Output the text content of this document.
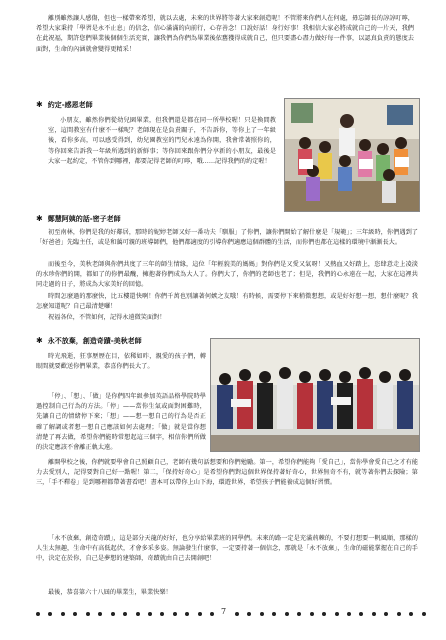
離別雖然讓人感傷，但也一樣帶來希望，就以去處，未來的世界將等著大家來創造呢！不管將來你們人在何處，毋忘師長的諄諄叮嚀，希望大家秉持「學習是永不止息」的信念，信心滿滿的向前行，心存善念！口說好話！身行好事！我相信大家必將成就自己的一片天，我們在此祝福，期許您們畢業後個個生活充實，讓我們為你們為畢業後依舊獲得成就自己，但只要盡心盡力做好每一件事，以認真負責的態度去面對，生命的內涵就會變得更精采！

✱ 約定-感恩老師

小朋友，雖然你們從幼兒園畢業，但我們還是都在同一所學校喔！只是換間教室，這間教室有什麼不一樣呢？老師現在是負責關子，不告訴你，等你上了一年級後，看你多高，可以感受得到，幼兒園教室的門兒永遠為你開，我會常著照你的，等你回來告訴我一年級所遇到的新鮮事；等你回來跟你們分享新的小朋友，最後是大家一起約定，不管你到哪裡，都要記得老師的叮嚀，哦……記得我們的約定喔！

✱ 鄭慧阿姨的話-密子老師

初至南林，你們是我的好鄰居，那時的妮婷老師又好一番功夫「馴服」了你們，讓你們開始了解什麼是「規範」；三年級時，你們遇到了「好爸爸」先臨主任，或是和藹可親的班導師們，他們都適度的引導你們適應這個群體的生活，而你們也都在這樣的環境中漸漸長大。

而後至今，美秋老師與你們共度了三年的師生情緣，這位「年輕貌美的媽媽」對你們是又愛又氣呀！又熱血又好踏上，恣肆意走上凌淡的水珍你們的開，都如了的你們最醜，擁抱著你們成為大人了。你們大了，你們的老師也老了；但是，我們的心永遠在一起，大家在這裡共同走過的日子，將成為大家美好的回憶。

時間怎麼過的那麼快，比五樓還快啊！你們千萬也別讓著何嫉之友哦！有時候，需要停下來稍微想想，或是好好想一想，想什麼呢？我怎麼知道呢？自己最清楚囉！

祝福各位，不管如何，記得永遠微笑面對！

✱ 永不放棄，創造奇蹟-美秋老師

時光飛逝，狂事歷歷在目，依稀如昨，親愛的孩子們，轉眼間就要歡送你們畢業，恭喜你們長大了。

「停」、「想」、「做」是你們四年級參加英語品格學院時學過控制自己行為的方法。「停」——當你生氣或面對困難時，先讓自己的情緒停下來；「想」——想一想自己的行為是否正確了解調或者想一想自己應該如何去處理；「做」就是當你想清楚了再去做，希望你們能時常想起這三個字，相信你們所做的決定應該不會離正軌太遠。

離開學校之後，你們就要學會自己照顧自己，老師有幾句話想要和你們勉勵。第一，希望你們能夠「愛自己」，當你學會愛自己之才有能力去愛別人，記得要對自己好一點喔！第二，「保持好奇心」是希望你們對這個世界保持著好奇心，世界無奇不有，就等著你們去探險；第三，「手不釋卷」是到哪裡都帶著書看吧！書本可以帶你上山下海，環遊世界，希望孩子們能養成這個好習慣。

「永不放棄，創造奇蹟」，這是部分天龍的好好，也分享給畢業班的同學們。未來的路一定是充滿荊棘的，不要打想要一帆風順，那樣的人生太無趣，生命中有高低起伏，才會多采多姿。無論發生什麼事，一定要持著一個信念，那就是「永不放棄」，生命的磁能掌握在自己的手中，決定在於你，自己是夢想的建築師，奇蹟就由自己去開創吧！

最後，恭喜第六十八屆的畢業生，畢業快樂！

7
